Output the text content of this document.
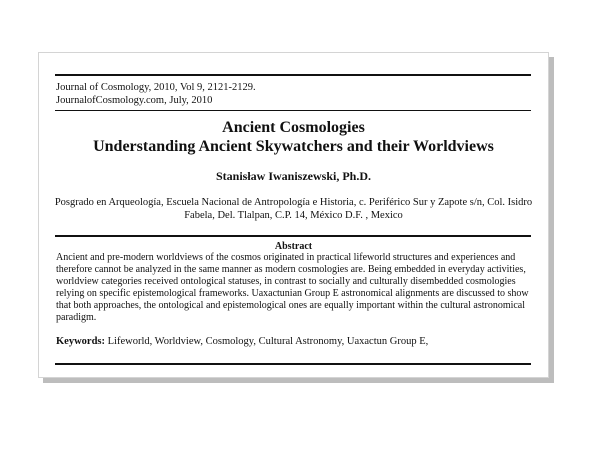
Journal of Cosmology, 2010, Vol 9, 2121-2129.
JournalofCosmology.com, July, 2010
Ancient Cosmologies
Understanding Ancient Skywatchers and their Worldviews
Stanisław Iwaniszewski, Ph.D.
Posgrado en Arqueología, Escuela Nacional de Antropología e Historia, c. Periférico Sur y Zapote s/n, Col. Isidro
Fabela, Del. Tlalpan, C.P. 14, México D.F. , Mexico
Abstract
Ancient and pre-modern worldviews of the cosmos originated in practical lifeworld structures and experiences and
therefore cannot be analyzed in the same manner as modern cosmologies are. Being embedded in everyday activities,
worldview categories received ontological statuses, in contrast to socially and culturally disembedded cosmologies
relying on specific epistemological frameworks. Uaxactunian Group E astronomical alignments are discussed to show
that both approaches, the ontological and epistemological ones are equally important within the cultural astronomical
paradigm.
Keywords: Lifeworld, Worldview, Cosmology, Cultural Astronomy, Uaxactun Group E,
